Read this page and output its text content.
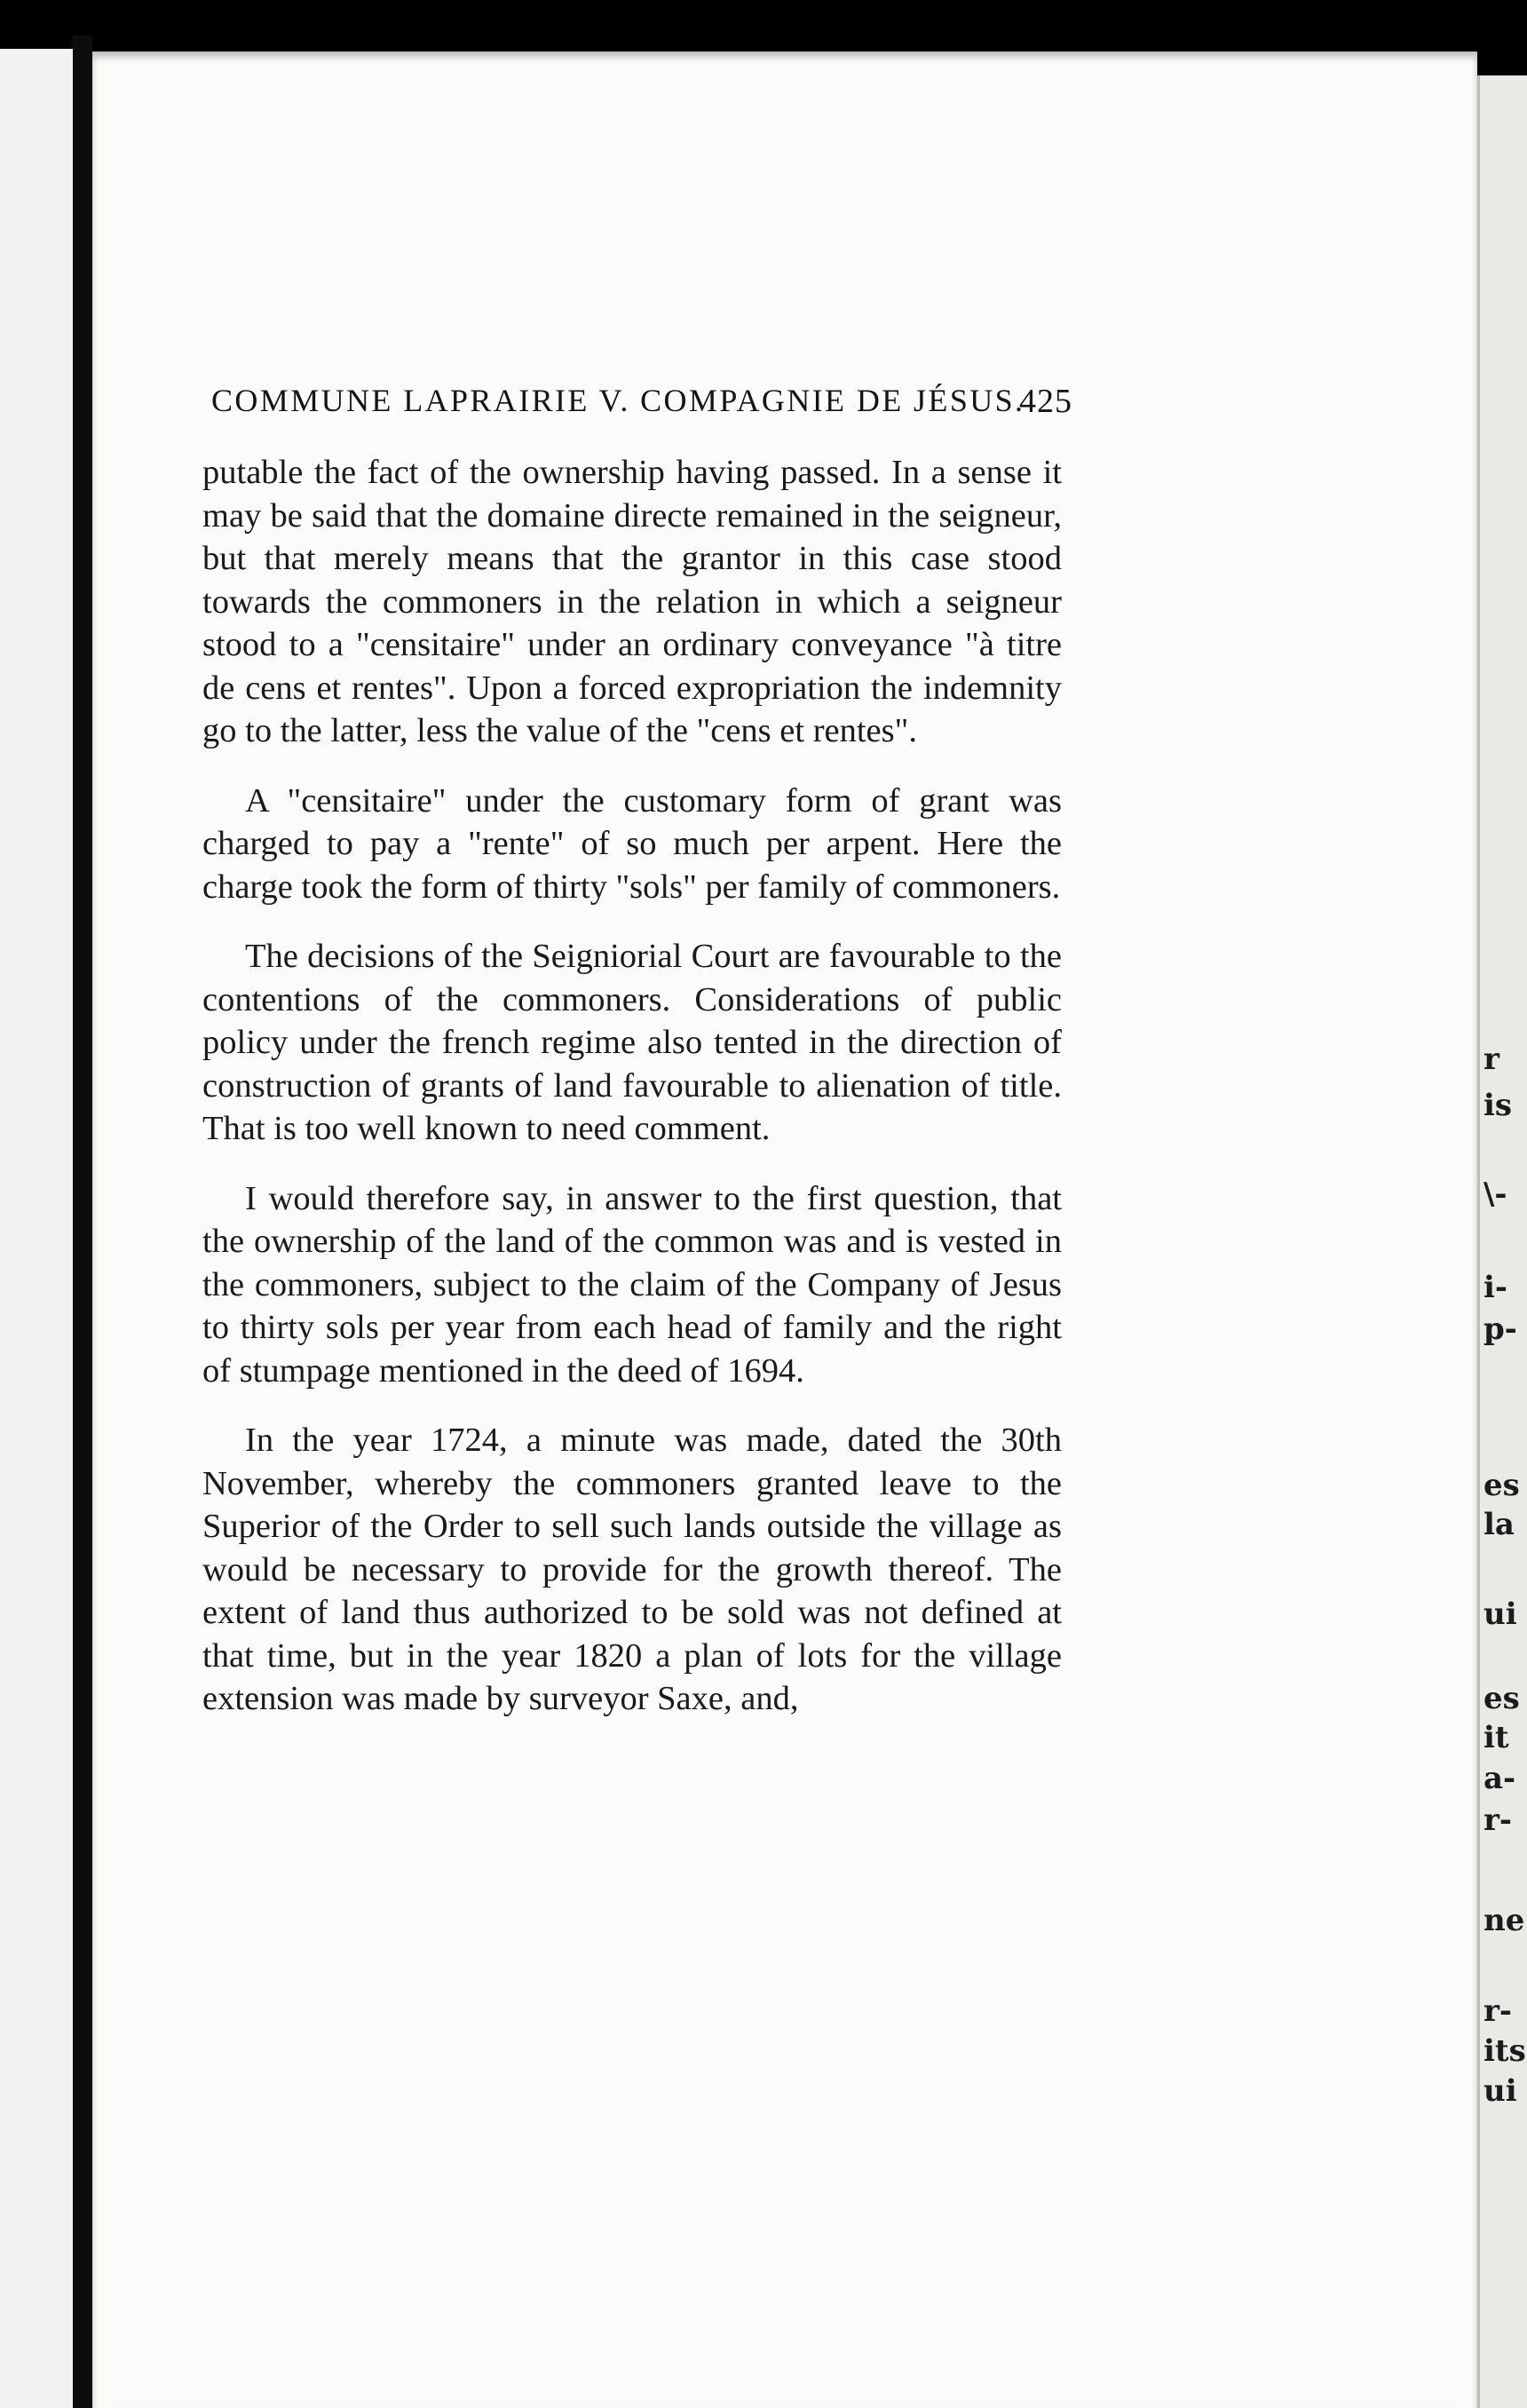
COMMUNE LAPRAIRIE V. COMPAGNIE DE JÉSUS.
425

putable the fact of the ownership having passed. In a sense it may be said that the domaine directe remained in the seigneur, but that merely means that the grantor in this case stood towards the commoners in the relation in which a seigneur stood to a "censitaire" under an ordinary conveyance "à titre de cens et rentes". Upon a forced expropriation the indemnity go to the latter, less the value of the "cens et rentes".

A "censitaire" under the customary form of grant was charged to pay a "rente" of so much per arpent. Here the charge took the form of thirty "sols" per family of commoners.

The decisions of the Seigniorial Court are favourable to the contentions of the commoners. Considerations of public policy under the french regime also tented in the direction of construction of grants of land favourable to alienation of title. That is too well known to need comment.

I would therefore say, in answer to the first question, that the ownership of the land of the common was and is vested in the commoners, subject to the claim of the Company of Jesus to thirty sols per year from each head of family and the right of stumpage mentioned in the deed of 1694.

In the year 1724, a minute was made, dated the 30th November, whereby the commoners granted leave to the Superior of the Order to sell such lands outside the village as would be necessary to provide for the growth thereof. The extent of land thus authorized to be sold was not defined at that time, but in the year 1820 a plan of lots for the village extension was made by surveyor Saxe, and,

r
is
\-
i-
p-
es
la
ui
es
it
a-
r-
ne
r-
its
ui
